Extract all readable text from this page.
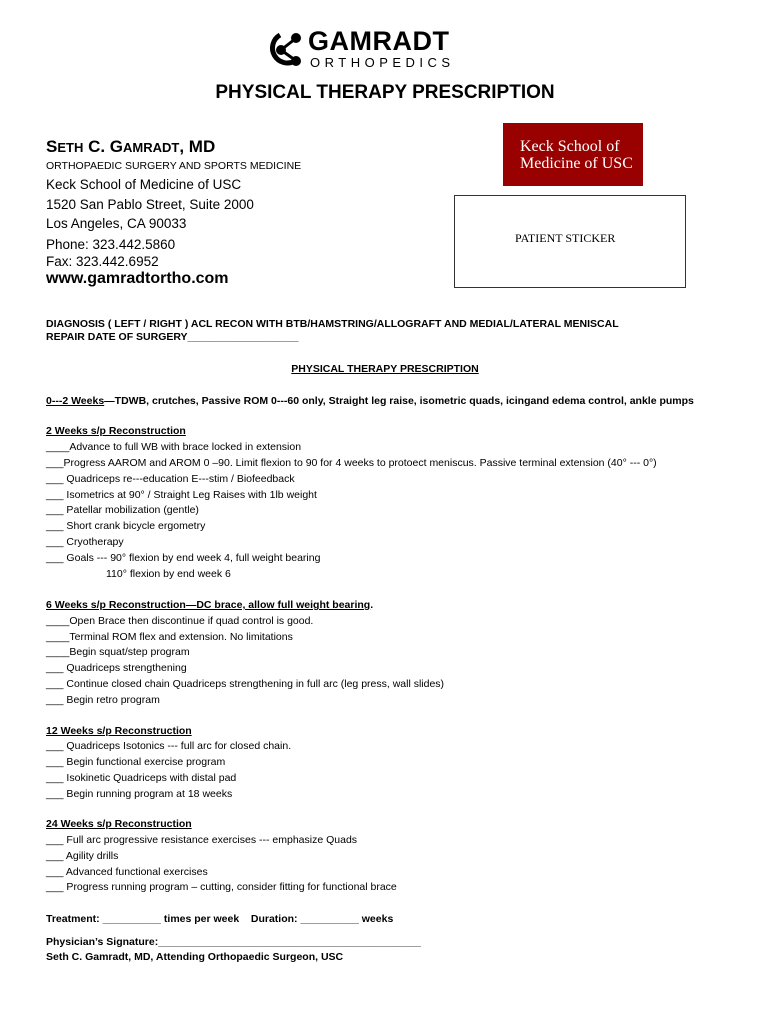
GAMRADT
ORTHOPEDICS
PHYSICAL THERAPY PRESCRIPTION
SETH C. GAMRADT, MD
ORTHOPAEDIC SURGERY AND SPORTS MEDICINE
Keck School of Medicine of USC
1520 San Pablo Street, Suite 2000
Los Angeles, CA 90033
Phone: 323.442.5860
Fax: 323.442.6952
www.gamradtortho.com
Keck School of
Medicine of USC
PATIENT STICKER
DIAGNOSIS ( LEFT / RIGHT ) ACL RECON WITH BTB/HAMSTRING/ALLOGRAFT AND MEDIAL/LATERAL MENISCAL
REPAIR DATE OF SURGERY___________________
PHYSICAL THERAPY PRESCRIPTION
0---2 Weeks—TDWB, crutches, Passive ROM 0---60 only, Straight leg raise, isometric quads, icingand edema control, ankle pumps
2 Weeks s/p Reconstruction
____Advance to full WB with brace locked in extension
___Progress AAROM and AROM 0 –90. Limit flexion to 90 for 4 weeks to protoect meniscus. Passive terminal extension (40° --- 0°)
___ Quadriceps re---education E---stim / Biofeedback
___ Isometrics at 90° / Straight Leg Raises with 1lb weight
___ Patellar mobilization (gentle)
___ Short crank bicycle ergometry
___ Cryotherapy
___ Goals --- 90° flexion by end week 4, full weight bearing
110° flexion by end week 6
6 Weeks s/p Reconstruction—DC brace, allow full weight bearing.
____Open Brace then discontinue if quad control is good.
____Terminal ROM flex and extension. No limitations
____Begin squat/step program
___ Quadriceps strengthening
___ Continue closed chain Quadriceps strengthening in full arc (leg press, wall slides)
___ Begin retro program
12 Weeks s/p Reconstruction
___ Quadriceps Isotonics --- full arc for closed chain.
___ Begin functional exercise program
___ Isokinetic Quadriceps with distal pad
___ Begin running program at 18 weeks
24 Weeks s/p Reconstruction
___ Full arc progressive resistance exercises --- emphasize Quads
___ Agility drills
___ Advanced functional exercises
___ Progress running program – cutting, consider fitting for functional brace
Treatment: __________ times per week    Duration: __________ weeks
Physician’s Signature:_____________________________________________
Seth C. Gamradt, MD, Attending Orthopaedic Surgeon, USC
